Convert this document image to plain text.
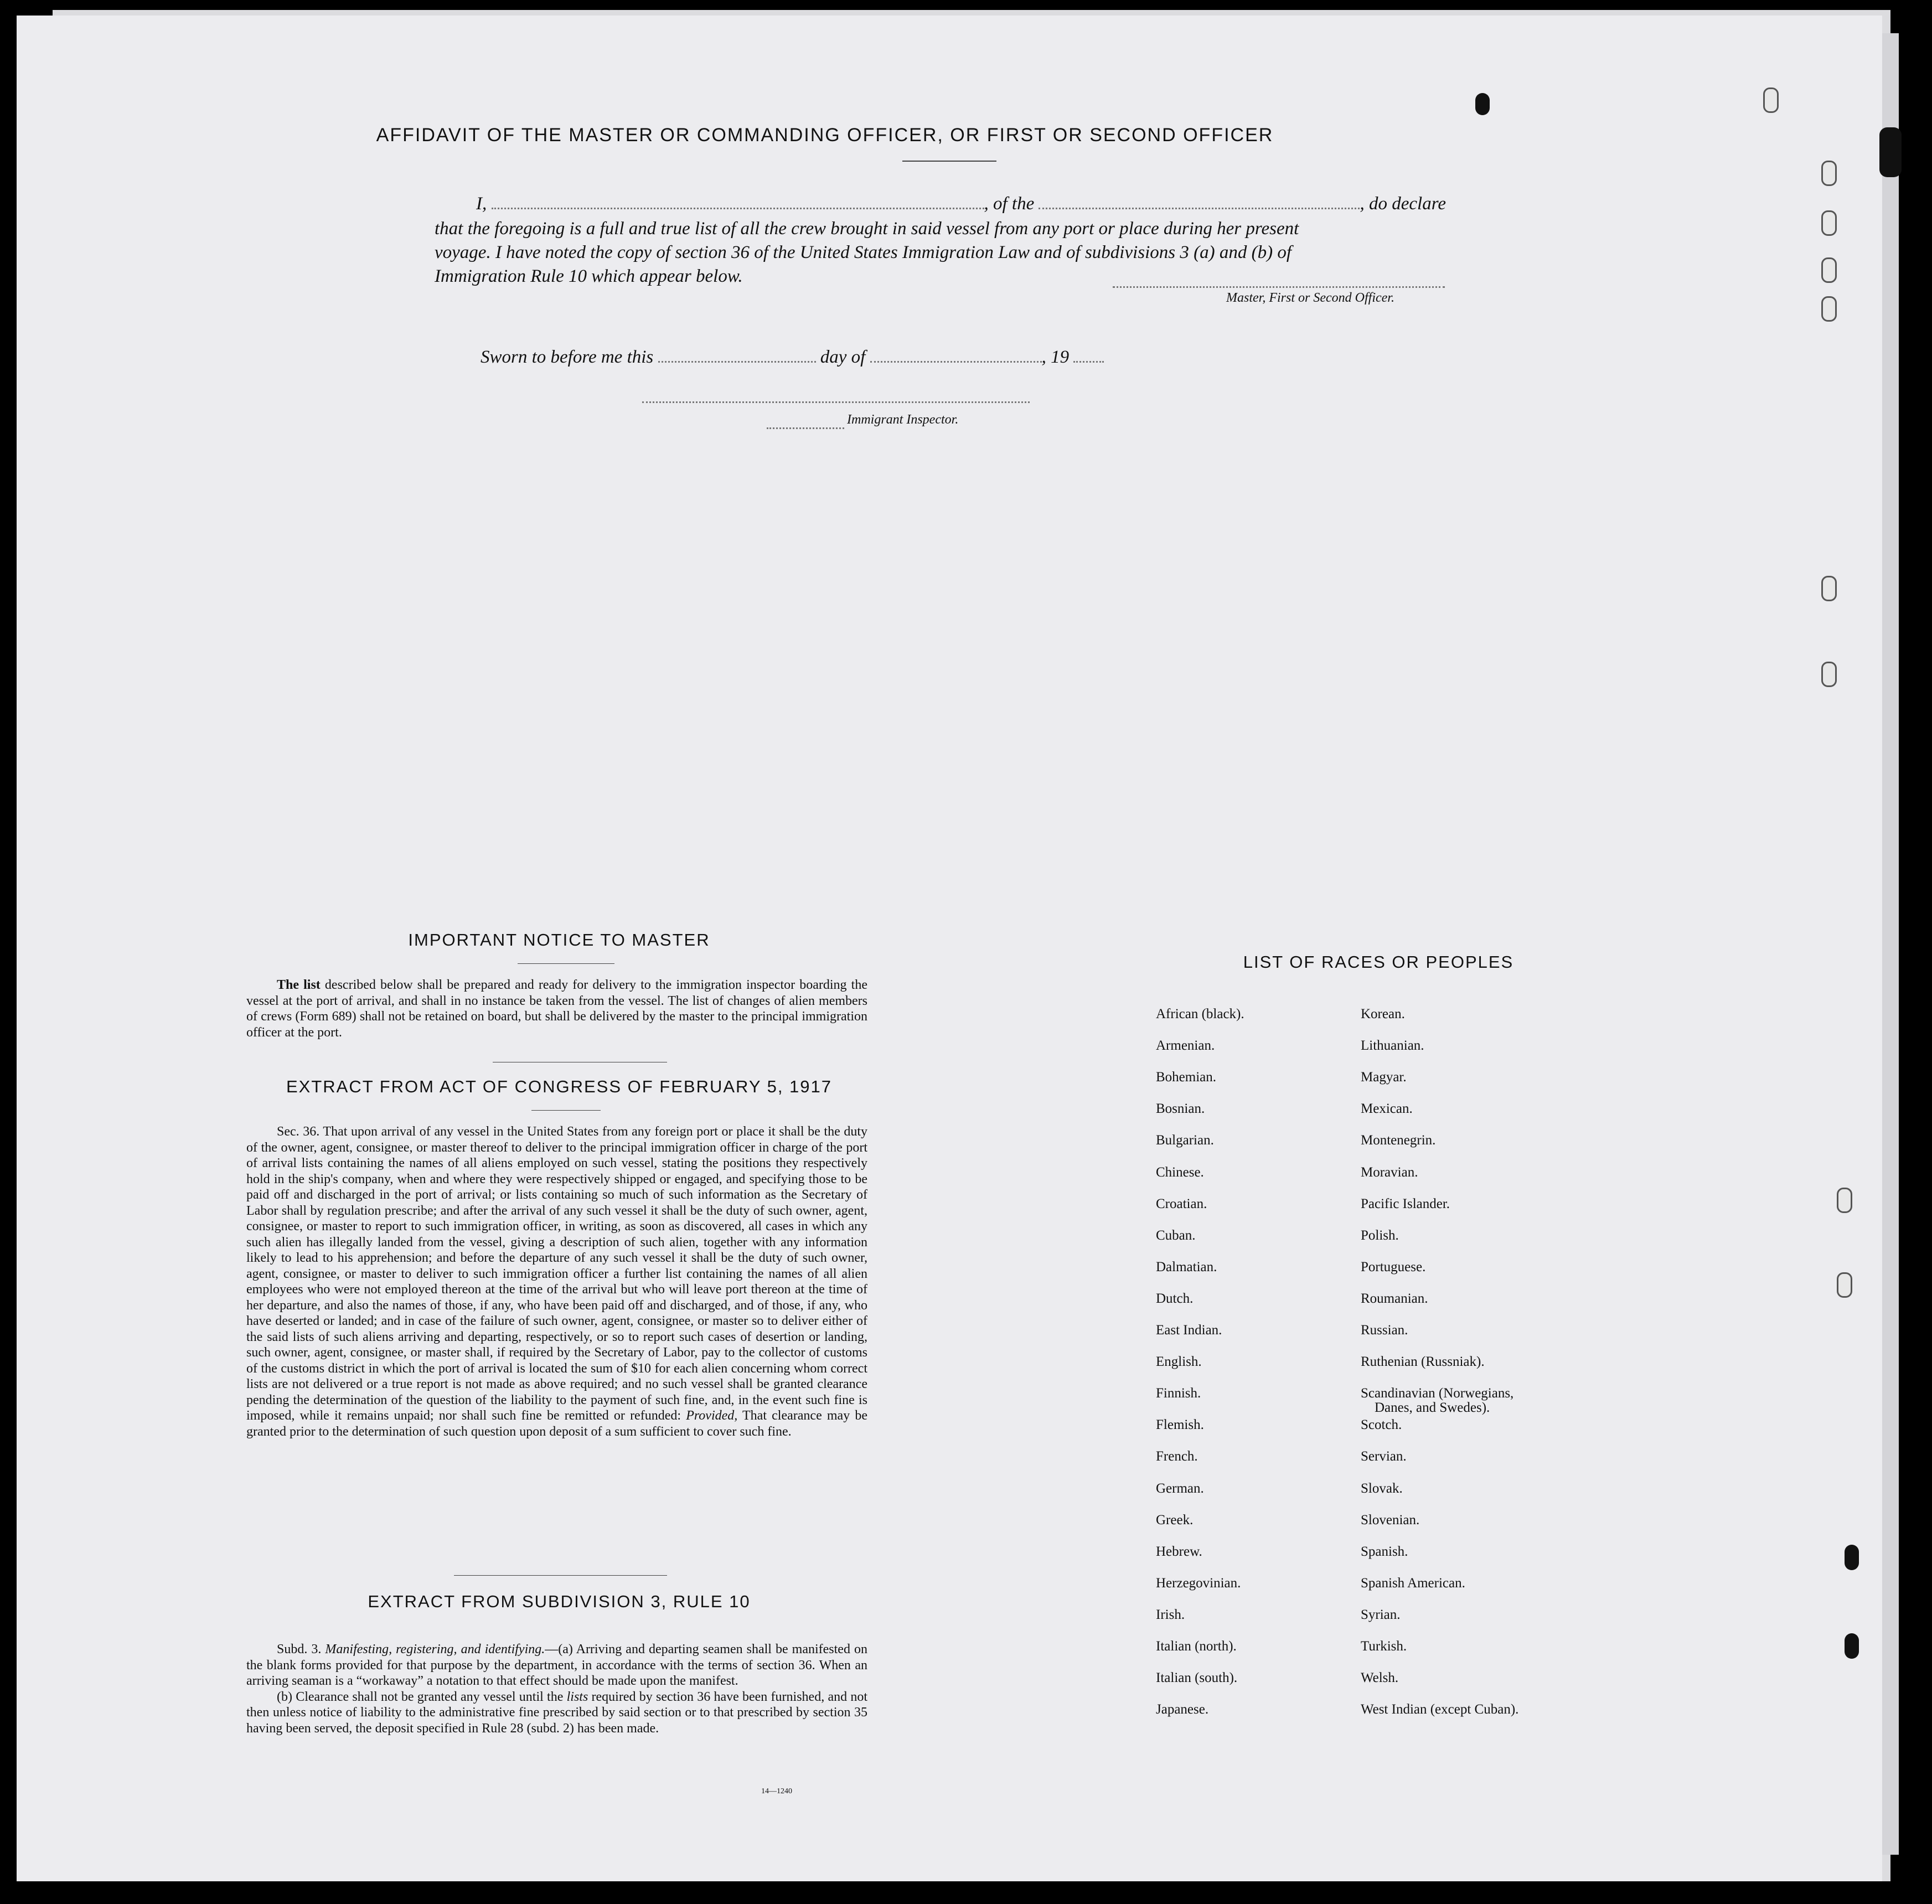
AFFIDAVIT OF THE MASTER OR COMMANDING OFFICER, OR FIRST OR SECOND OFFICER
I,	, of the	, do declare
that the foregoing is a full and true list of all the crew brought in said vessel from any port or place during her present
voyage. I have noted the copy of section 36 of the United States Immigration Law and of subdivisions 3 (a) and (b) of
Immigration Rule 10 which appear below.
Master, First or Second Officer.
Sworn to before me this	day of	, 19
Immigrant Inspector.
IMPORTANT NOTICE TO MASTER
The list described below shall be prepared and ready for delivery to the immigration inspector boarding the vessel at the port of arrival, and shall in no instance be taken from the vessel. The list of changes of alien members of crews (Form 689) shall not be retained on board, but shall be delivered by the master to the principal immigration officer at the port.
EXTRACT FROM ACT OF CONGRESS OF FEBRUARY 5, 1917
Sec. 36. That upon arrival of any vessel in the United States from any foreign port or place it shall be the duty of the owner, agent, consignee, or master thereof to deliver to the principal immigration officer in charge of the port of arrival lists containing the names of all aliens employed on such vessel, stating the positions they respectively hold in the ship's company, when and where they were respectively shipped or engaged, and specifying those to be paid off and discharged in the port of arrival; or lists containing so much of such information as the Secretary of Labor shall by regulation prescribe; and after the arrival of any such vessel it shall be the duty of such owner, agent, consignee, or master to report to such immigration officer, in writing, as soon as discovered, all cases in which any such alien has illegally landed from the vessel, giving a description of such alien, together with any information likely to lead to his apprehension; and before the departure of any such vessel it shall be the duty of such owner, agent, consignee, or master to deliver to such immigration officer a further list containing the names of all alien employees who were not employed thereon at the time of the arrival but who will leave port thereon at the time of her departure, and also the names of those, if any, who have been paid off and discharged, and of those, if any, who have deserted or landed; and in case of the failure of such owner, agent, consignee, or master so to deliver either of the said lists of such aliens arriving and departing, respectively, or so to report such cases of desertion or landing, such owner, agent, consignee, or master shall, if required by the Secretary of Labor, pay to the collector of customs of the customs district in which the port of arrival is located the sum of $10 for each alien concerning whom correct lists are not delivered or a true report is not made as above required; and no such vessel shall be granted clearance pending the determination of the question of the liability to the payment of such fine, and, in the event such fine is imposed, while it remains unpaid; nor shall such fine be remitted or refunded: Provided, That clearance may be granted prior to the determination of such question upon deposit of a sum sufficient to cover such fine.
EXTRACT FROM SUBDIVISION 3, RULE 10
Subd. 3. Manifesting, registering, and identifying.—(a) Arriving and departing seamen shall be manifested on the blank forms provided for that purpose by the department, in accordance with the terms of section 36. When an arriving seaman is a “workaway” a notation to that effect should be made upon the manifest.
(b) Clearance shall not be granted any vessel until the lists required by section 36 have been furnished, and not then unless notice of liability to the administrative fine prescribed by said section or to that prescribed by section 35 having been served, the deposit specified in Rule 28 (subd. 2) has been made.
14—1240
LIST OF RACES OR PEOPLES
African (black).
Armenian.
Bohemian.
Bosnian.
Bulgarian.
Chinese.
Croatian.
Cuban.
Dalmatian.
Dutch.
East Indian.
English.
Finnish.
Flemish.
French.
German.
Greek.
Hebrew.
Herzegovinian.
Irish.
Italian (north).
Italian (south).
Japanese.
Korean.
Lithuanian.
Magyar.
Mexican.
Montenegrin.
Moravian.
Pacific Islander.
Polish.
Portuguese.
Roumanian.
Russian.
Ruthenian (Russniak).
Scandinavian (Norwegians,
Danes, and Swedes).
Scotch.
Servian.
Slovak.
Slovenian.
Spanish.
Spanish American.
Syrian.
Turkish.
Welsh.
West Indian (except Cuban).
